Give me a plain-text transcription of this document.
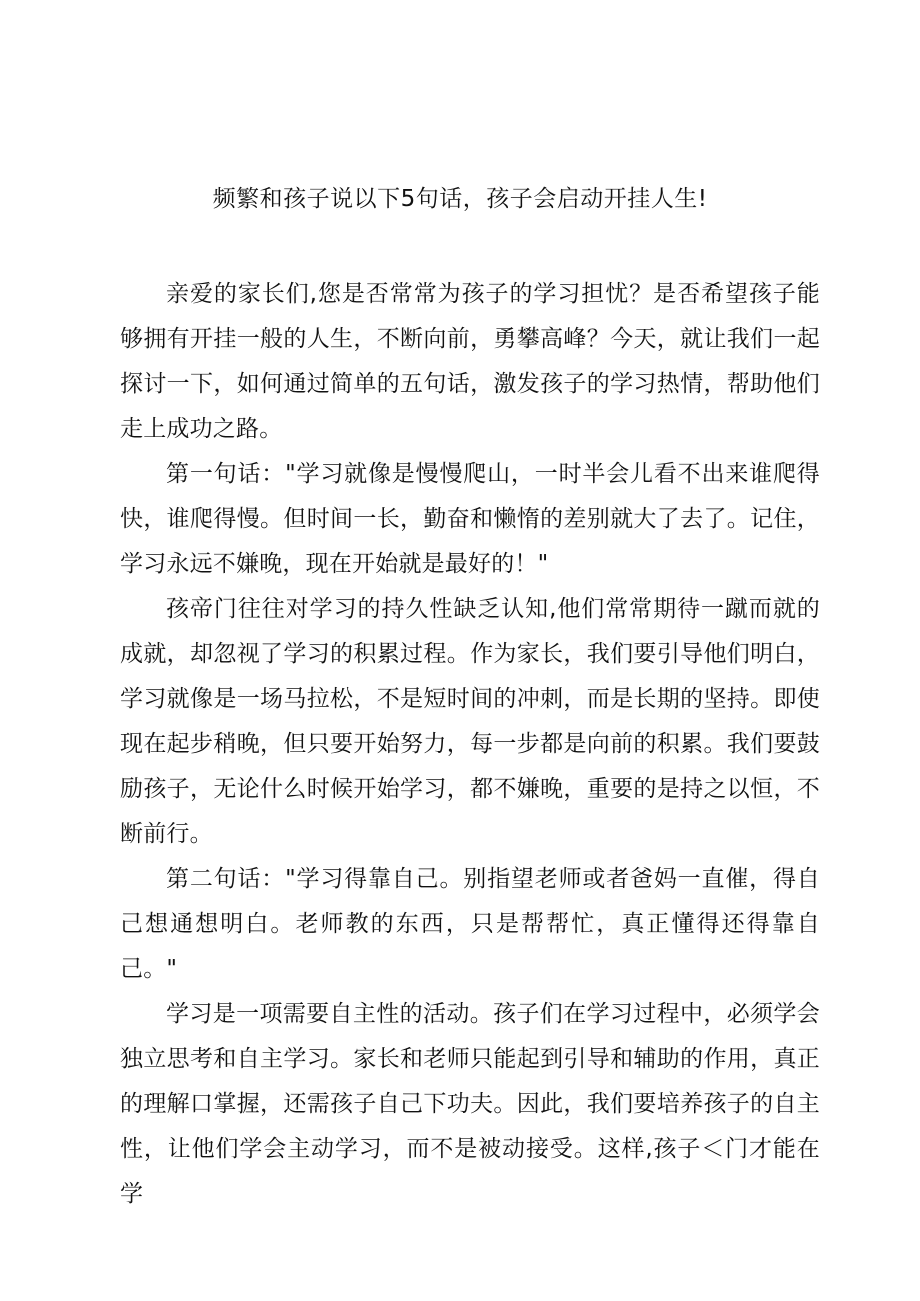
频繁和孩子说以下5句话，孩子会启动开挂人生!

亲爱的家长们,您是否常常为孩子的学习担忧？是否希望孩子能够拥有开挂一般的人生，不断向前，勇攀高峰？今天，就让我们一起探讨一下，如何通过简单的五句话，激发孩子的学习热情，帮助他们走上成功之路。

第一句话："学习就像是慢慢爬山，一时半会儿看不出来谁爬得快，谁爬得慢。但时间一长，勤奋和懒惰的差别就大了去了。记住，学习永远不嫌晚，现在开始就是最好的！"

孩帝门往往对学习的持久性缺乏认知,他们常常期待一蹴而就的成就，却忽视了学习的积累过程。作为家长，我们要引导他们明白，学习就像是一场马拉松，不是短时间的冲刺，而是长期的坚持。即使现在起步稍晚，但只要开始努力，每一步都是向前的积累。我们要鼓励孩子，无论什么时候开始学习，都不嫌晚，重要的是持之以恒，不断前行。

第二句话："学习得靠自己。别指望老师或者爸妈一直催，得自己想通想明白。老师教的东西，只是帮帮忙，真正懂得还得靠自己。"

学习是一项需要自主性的活动。孩子们在学习过程中，必须学会独立思考和自主学习。家长和老师只能起到引导和辅助的作用，真正的理解口掌握，还需孩子自己下功夫。因此，我们要培养孩子的自主性，让他们学会主动学习，而不是被动接受。这样,孩子＜门才能在学
